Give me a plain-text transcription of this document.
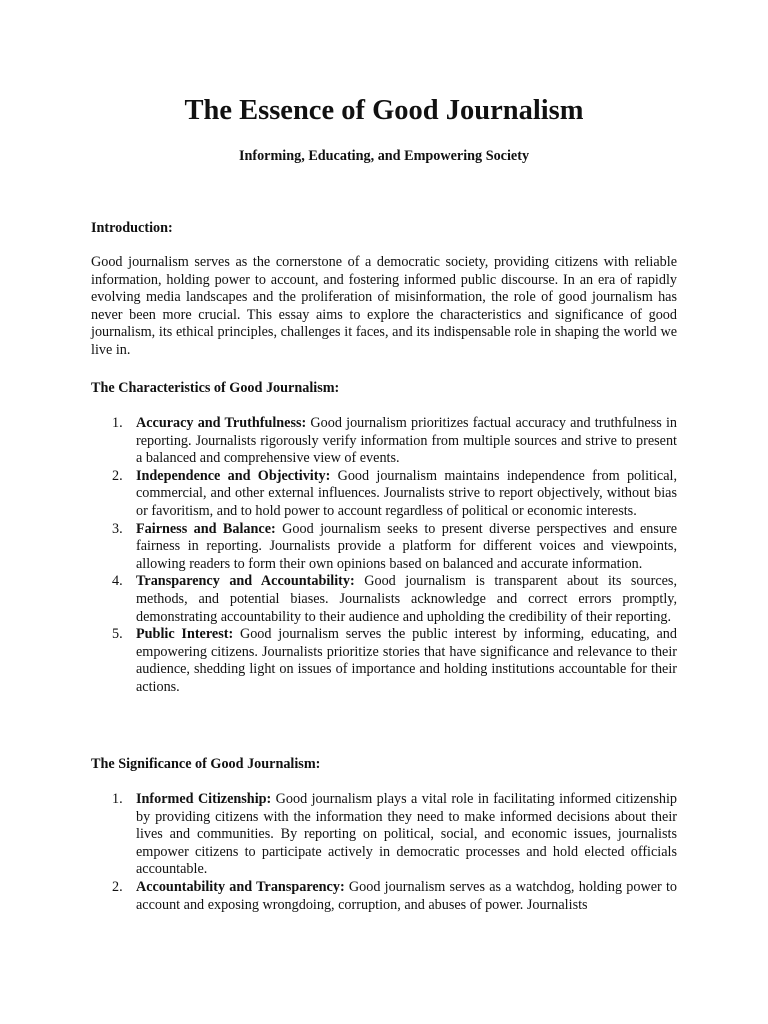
The Essence of Good Journalism
Informing, Educating, and Empowering Society
Introduction:

Good journalism serves as the cornerstone of a democratic society, providing citizens with reliable information, holding power to account, and fostering informed public discourse. In an era of rapidly evolving media landscapes and the proliferation of misinformation, the role of good journalism has never been more crucial. This essay aims to explore the characteristics and significance of good journalism, its ethical principles, challenges it faces, and its indispensable role in shaping the world we live in.

The Characteristics of Good Journalism:
1. Accuracy and Truthfulness: Good journalism prioritizes factual accuracy and truthfulness in reporting. Journalists rigorously verify information from multiple sources and strive to present a balanced and comprehensive view of events.
2. Independence and Objectivity: Good journalism maintains independence from political, commercial, and other external influences. Journalists strive to report objectively, without bias or favoritism, and to hold power to account regardless of political or economic interests.
3. Fairness and Balance: Good journalism seeks to present diverse perspectives and ensure fairness in reporting. Journalists provide a platform for different voices and viewpoints, allowing readers to form their own opinions based on balanced and accurate information.
4. Transparency and Accountability: Good journalism is transparent about its sources, methods, and potential biases. Journalists acknowledge and correct errors promptly, demonstrating accountability to their audience and upholding the credibility of their reporting.
5. Public Interest: Good journalism serves the public interest by informing, educating, and empowering citizens. Journalists prioritize stories that have significance and relevance to their audience, shedding light on issues of importance and holding institutions accountable for their actions.
The Significance of Good Journalism:
1. Informed Citizenship: Good journalism plays a vital role in facilitating informed citizenship by providing citizens with the information they need to make informed decisions about their lives and communities. By reporting on political, social, and economic issues, journalists empower citizens to participate actively in democratic processes and hold elected officials accountable.
2. Accountability and Transparency: Good journalism serves as a watchdog, holding power to account and exposing wrongdoing, corruption, and abuses of power. Journalists
